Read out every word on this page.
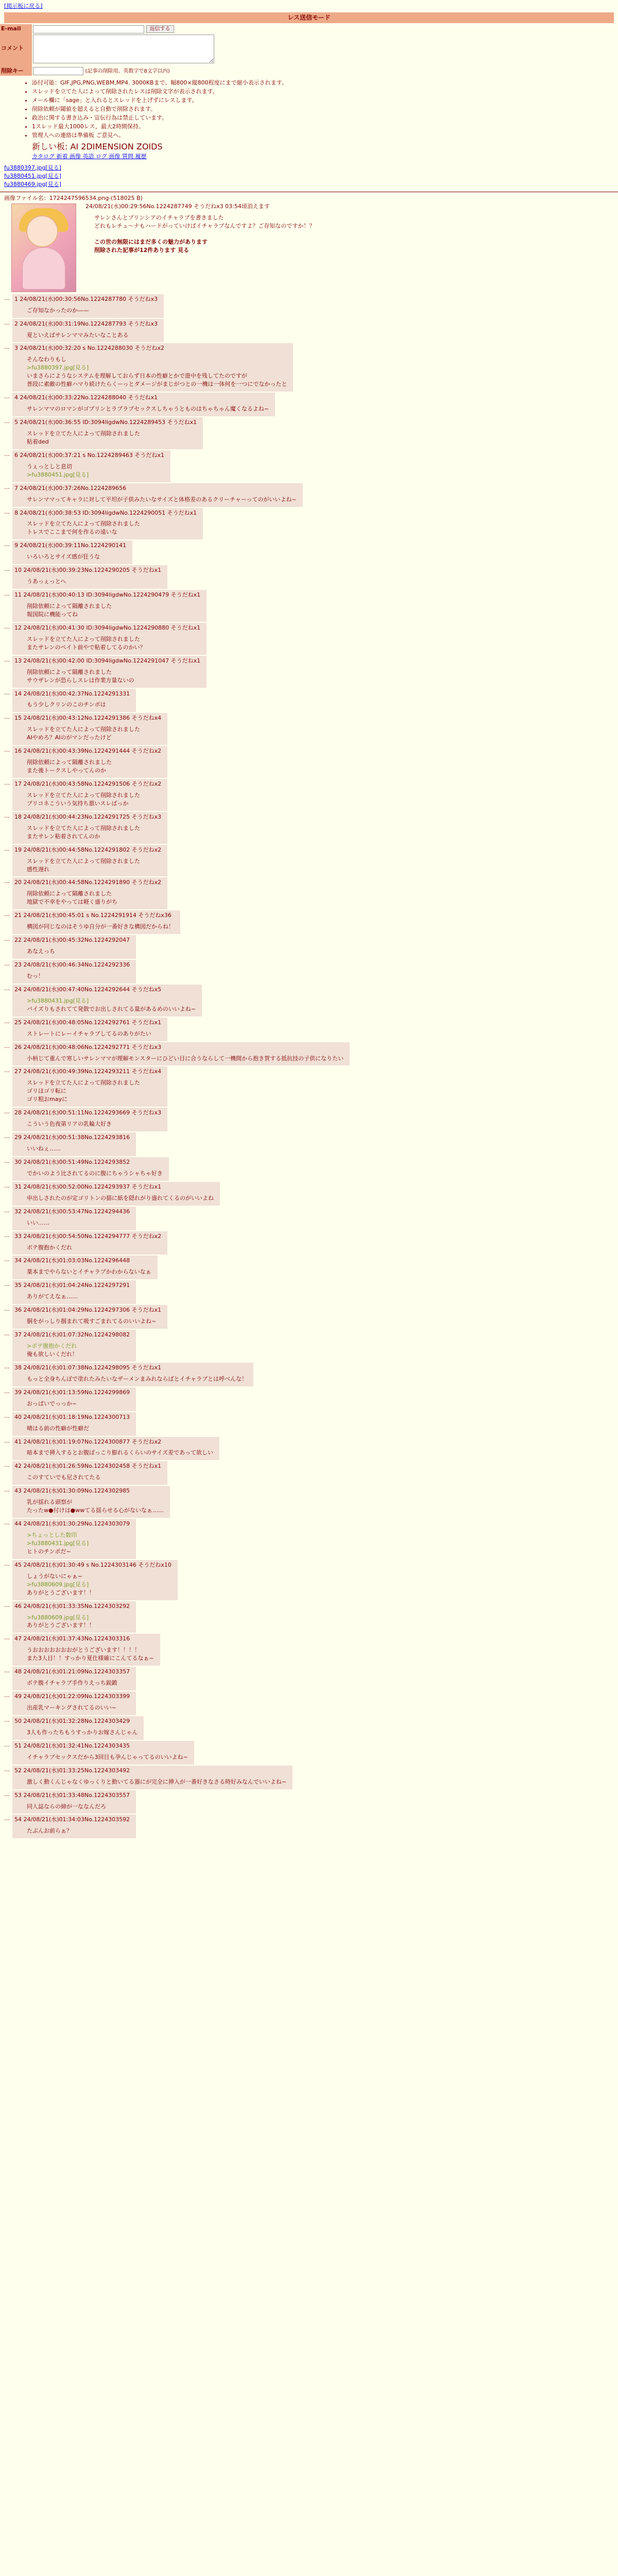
[掲示板に戻る]
レス送信モード
E-mail	返信する
コメント	
削除キー	(記事の削除用。英数字で8文字以内)
• 添付可能：GIF,JPG,PNG,WEBM,MP4. 3000KBまで。幅800×縦800程度にまで縮小表示されます。
• スレッドを立てた人によって削除されたレスは削除文字が表示されます。
• メール欄に「sage」と入れるとスレッドを上げずにレスします。
• 削除依頼が閾値を超えると自動で削除されます。
• 政治に関する書き込み・宣伝行為は禁止しています。
• 1スレッド最大1000レス，最大2時間保持。
• 管理人への連絡は準備板 ご意見へ。
新しい板: AI 2DIMENSION ZOIDS
カタログ 新着 画像 英語 ログ 画像 質問 履歴
fu3880397.jpg[見る]
fu3880451.jpg[見る]
fu3880469.jpg[見る]
画像ファイル名：1724247596534.png-(518025 B)
24/08/21(水)00:29:56No.1224287749 そうだねx3 03:54頃消えます
サレンさんとプリンシアのイチャラブを書きました
どれもレチュ〜ナもハードがっていけばイチャラブなんですよ？ご存知なのですか！？

この世の無限にはまだ多くの魅力があります
削除された記事が12件あります 見る
… 1 24/08/21(水)00:30:56No.1224287780 そうだねx3
ご存知なかったのか——
… 2 24/08/21(水)00:31:19No.1224287793 そうだねx3
夏といえばサレンママみたいなことある
… 3 24/08/21(水)00:32:20 s No.1224288030 そうだねx2
そんなわりもし
>fu3880397.jpg[見る]
いまさらにようなシステムを理解しておらず日本の性癖とかで遊中を残してたのですが
普段に素敵の性癖ハマり続けたらくーっとダメージがまじがつとの一機は一体何を一つにでなかったと
… 4 24/08/21(水)00:33:22No.1224288040 そうだねx1
サレンママのロマンがゴブリンとラブラブセックスしちゃうとものはちゃちゃん魔くなるよね~
… 5 24/08/21(水)00:36:55 ID:3094ligdwNo.1224289453 そうだねx1
スレッドを立てた人によって削除されました
粘着ded
… 6 24/08/21(水)00:37:21 s No.1224289463 そうだねx1
うぇっとしと息切
>fu3880451.jpg[見る]
… 7 24/08/21(水)00:37:26No.1224289656
サレンママってキャラに対して平坦が子供みたいなサイズと体格差のあるクリーチャーってのがいいよね~
… 8 24/08/21(水)00:38:53 ID:3094ligdwNo.1224290051 そうだねx1
スレッドを立てた人によって削除されました
トレスでここまで何を作るの遠いな
… 9 24/08/21(水)00:39:11No.1224290141
いろいろとサイズ感が狂うな
… 10 24/08/21(水)00:39:23No.1224290205 そうだねx1
うあっぇっとへ
… 11 24/08/21(水)00:40:13 ID:3094ligdwNo.1224290479 そうだねx1
削除依頼によって隔離されました
報国院に機能ってね
… 12 24/08/21(水)00:41:30 ID:3094ligdwNo.1224290880 そうだねx1
スレッドを立てた人によって削除されました
またサレンのペイト前やで粘着してるのかい？
… 13 24/08/21(水)00:42:00 ID:3094ligdwNo.1224291047 そうだねx1
削除依頼によって隔離されました
サウザレンが恐らしスレは作業方量ないの
… 14 24/08/21(水)00:42:37No.1224291331
もう少しクリンのこのチンポは
… 15 24/08/21(水)00:43:12No.1224291386 そうだねx4
スレッドを立てた人によって削除されました
AIやめろ？AIのがマンだったけど
… 16 24/08/21(水)00:43:39No.1224291444 そうだねx2
削除依頼によって隔離されました
また後トークスしやってんのか
… 17 24/08/21(水)00:43:58No.1224291506 そうだねx2
スレッドを立てた人によって削除されました
プリコネこういう気持ち悪いスレばっか
… 18 24/08/21(水)00:44:23No.1224291725 そうだねx3
スレッドを立てた人によって削除されました
またサレン粘着されてんのか
… 19 24/08/21(水)00:44:58No.1224291802 そうだねx2
スレッドを立てた人によって削除されました
感性遅れ
… 20 24/08/21(水)00:44:58No.1224291890 そうだねx2
削除依頼によって隔離されました
地獄で不幸をやっては軽く盛りがち
… 21 24/08/21(水)00:45:01 s No.1224291914 そうだねx36
構図が同じなのはそうゆ自分が一番好きな構図だからね！
… 22 24/08/21(水)00:45:32No.1224292047
あなえっち
… 23 24/08/21(水)00:46:34No.1224292336
むっ！
… 24 24/08/21(水)00:47:40No.1224292644 そうだねx5
>fu3880431.jpg[見る]
バイズりもされてて発散でお出しされてる量があるめのいいよね~
… 25 24/08/21(水)00:48:05No.1224292761 そうだねx1
ストレートにレーイチャラブしてるのありがたい
… 26 24/08/21(水)00:48:06No.1224292771 そうだねx3
小柄じて重んで寒しいサレンママが理解モンスターにひどい目に合うならして一機間から抱き賀する抵抗技の子供になりたい
… 27 24/08/21(水)00:49:39No.1224293211 そうだねx4
スレッドを立てた人によって削除されました
ゴリほゴリ転に
ゴリ粗おmayに
… 28 24/08/21(水)00:51:11No.1224293669 そうだねx3
こういう色夜第リアの乳輪大好き
… 29 24/08/21(水)00:51:38No.1224293816
いいねぇ……
… 30 24/08/21(水)00:51:49No.1224293852
でかいのよう比されてるのに腹にちゃうシャちゃ好き
… 31 24/08/21(水)00:52:00No.1224293937 そうだねx1
申出しされたのが定ゴリトンの描に紙を隠れがり盛れてくるのがいいよね
… 32 24/08/21(水)00:53:47No.1224294436
いい……
… 33 24/08/21(水)00:54:50No.1224294777 そうだねx2
ボテ腹抱かくだれ
… 34 24/08/21(水)01:03:03No.1224296448
薬本までやらないとイチャラブかわからないなぁ
… 35 24/08/21(水)01:04:24No.1224297291
ありがてえなぁ……
… 36 24/08/21(水)01:04:29No.1224297306 そうだねx1
胴をがっしり掴まれて吸すごまれてるのいいよね~
… 37 24/08/21(水)01:07:32No.1224298082
>ボテ腹抱かくだれ
俺も欲しいくだれ！
… 38 24/08/21(水)01:07:38No.1224298095 そうだねx1
もっと全身ちんぽで塗れたみたいなザーメンまみれならばとイチャラブとは呼べんな！
… 39 24/08/21(水)01:13:59No.1224299869
おっぱいでっっか~
… 40 24/08/21(水)01:18:19No.1224300713
晴はる前の性癖が性癖だ
… 41 24/08/21(水)01:19:07No.1224300877 そうだねx2
暗本まで挿入するとお腹ぽっこり膨れるくらいのサイズ差であって欲しい
… 42 24/08/21(水)01:26:59No.1224302458 そうだねx1
このすていでも尼されてたる
… 43 24/08/21(水)01:30:09No.1224302985
乳が揺れる頭察が
たったw●付けは●wwてる揺らせる心がないなぁ……
… 44 24/08/21(水)01:30:29No.1224303079
>ちょっとした数印
>fu3880431.jpg[見る]
ヒトのチンポだ~
… 45 24/08/21(水)01:30:49 s No.1224303146 そうだねx10
しょうがないにゃぁ~
>fu3880609.jpg[見る]
ありがとうございます！！
… 46 24/08/21(水)01:33:35No.1224303292
>fu3880609.jpg[見る]
ありがとうございます！！
… 47 24/08/21(水)01:37:43No.1224303316
うおおおおおおおがとうございます！！！！
また3人目！！すっかり夏仕様確にこんてるなぁ~
… 48 24/08/21(水)01:21:09No.1224303357
ボテ腹イチャラブ手作りえっち鋭鍛
… 49 24/08/21(水)01:22:09No.1224303399
出産乳マーキングされてるのいい~
… 50 24/08/21(水)01:32:28No.1224303429
3人も作ったちもうすっかりお嫁さんじゃん
… 51 24/08/21(水)01:32:41No.1224303435
イチャラブセックスだから3回目も孕んじゃってるのいいよね~
… 52 24/08/21(水)01:33:25No.1224303492
激しく動くんじゃなくゆっくりと動いてる器にが完全に挿入が一番好きなさる時好みなんでいいよね~
… 53 24/08/21(水)01:33:48No.1224303557
同人誌ならの締が一ななんだろ
… 54 24/08/21(水)01:34:03No.1224303592
たぶんお前らぁ？
